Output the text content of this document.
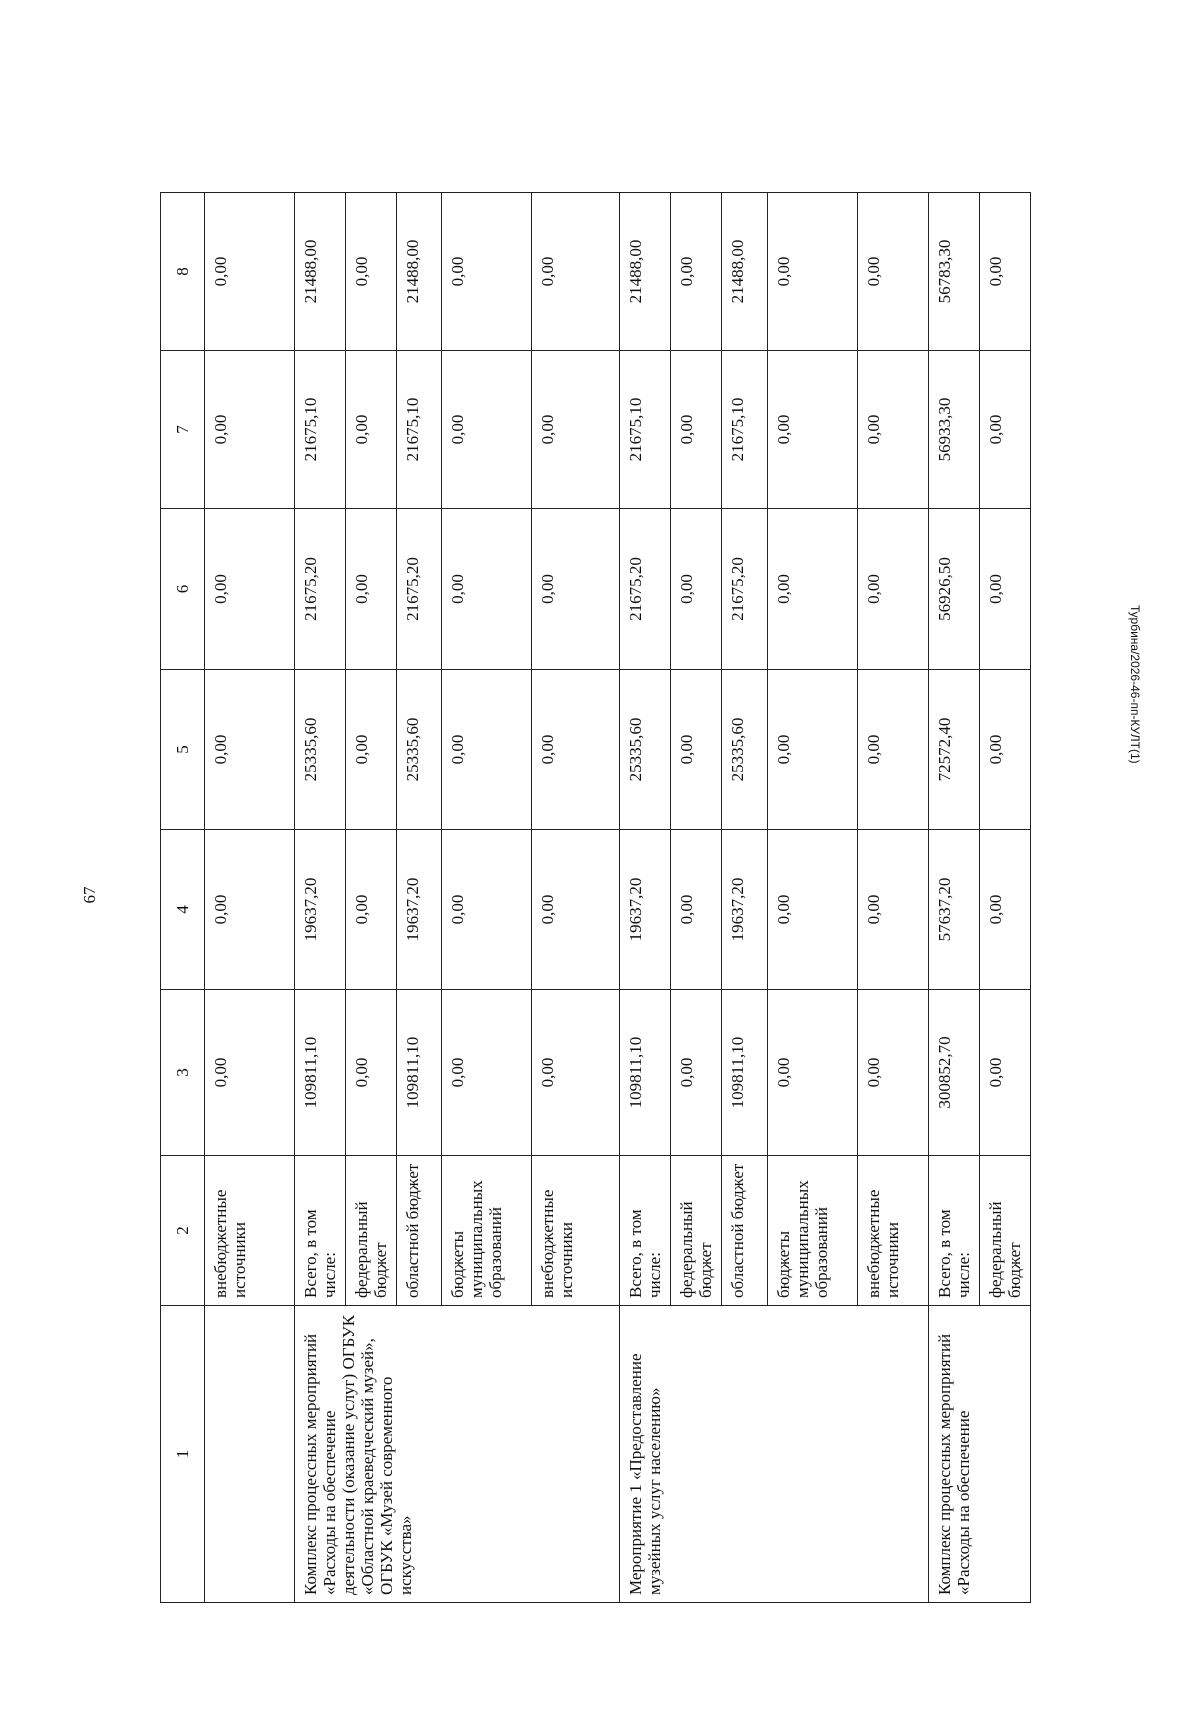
67
1	2	3	4	5	6	7	8
	внебюджетные источники	0,00	0,00	0,00	0,00	0,00	0,00
Комплекс процессных мероприятий «Расходы на обеспечение деятельности (оказание услуг) ОГБУК «Областной краеведческий музей», ОГБУК «Музей современного искусства»	Всего, в том числе:	109811,10	19637,20	25335,60	21675,20	21675,10	21488,00
	федеральный бюджет	0,00	0,00	0,00	0,00	0,00	0,00
	областной бюджет	109811,10	19637,20	25335,60	21675,20	21675,10	21488,00
	бюджеты муниципальных образований	0,00	0,00	0,00	0,00	0,00	0,00
	внебюджетные источники	0,00	0,00	0,00	0,00	0,00	0,00
Мероприятие 1 «Предоставление музейных услуг населению»	Всего, в том числе:	109811,10	19637,20	25335,60	21675,20	21675,10	21488,00
	федеральный бюджет	0,00	0,00	0,00	0,00	0,00	0,00
	областной бюджет	109811,10	19637,20	25335,60	21675,20	21675,10	21488,00
	бюджеты муниципальных образований	0,00	0,00	0,00	0,00	0,00	0,00
	внебюджетные источники	0,00	0,00	0,00	0,00	0,00	0,00
Комплекс процессных мероприятий «Расходы на обеспечение	Всего, в том числе:	300852,70	57637,20	72572,40	56926,50	56933,30	56783,30
	федеральный бюджет	0,00	0,00	0,00	0,00	0,00	0,00
Турбина/2026-46-пп-КУЛТ(1)
